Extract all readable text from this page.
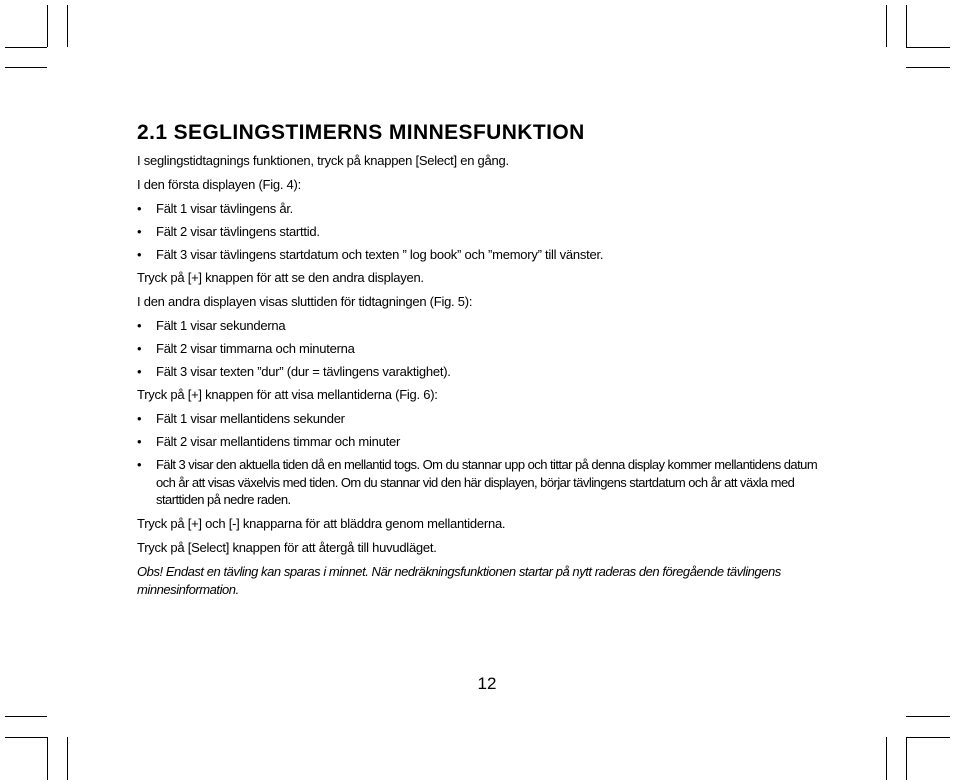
2.1 SEGLINGSTIMERNS MINNESFUNKTION

I seglingstidtagnings funktionen, tryck på knappen [Select] en gång.

I den första displayen (Fig. 4):

• Fält 1 visar tävlingens år.
• Fält 2 visar tävlingens starttid.
• Fält 3 visar tävlingens startdatum och texten ” log book” och ”memory” till vänster.

Tryck på [+] knappen för att se den andra displayen.

I den andra displayen visas sluttiden för tidtagningen (Fig. 5):

• Fält 1 visar sekunderna
• Fält 2 visar timmarna och minuterna
• Fält 3 visar texten ”dur” (dur = tävlingens varaktighet).

Tryck på [+] knappen för att visa mellantiderna (Fig. 6):

• Fält 1 visar mellantidens sekunder
• Fält 2 visar mellantidens timmar och minuter
• Fält 3 visar den aktuella tiden då en mellantid togs. Om du stannar upp och tittar på denna display kommer mellantidens datum och år att visas växelvis med tiden. Om du stannar vid den här displayen, börjar tävlingens startdatum och år att växla med starttiden på nedre raden.

Tryck på [+] och [-] knapparna för att bläddra genom mellantiderna.

Tryck på [Select] knappen för att återgå till huvudläget.

Obs! Endast en tävling kan sparas i minnet. När nedräkningsfunktionen startar på nytt raderas den föregående tävlingens minnesinformation.

12
